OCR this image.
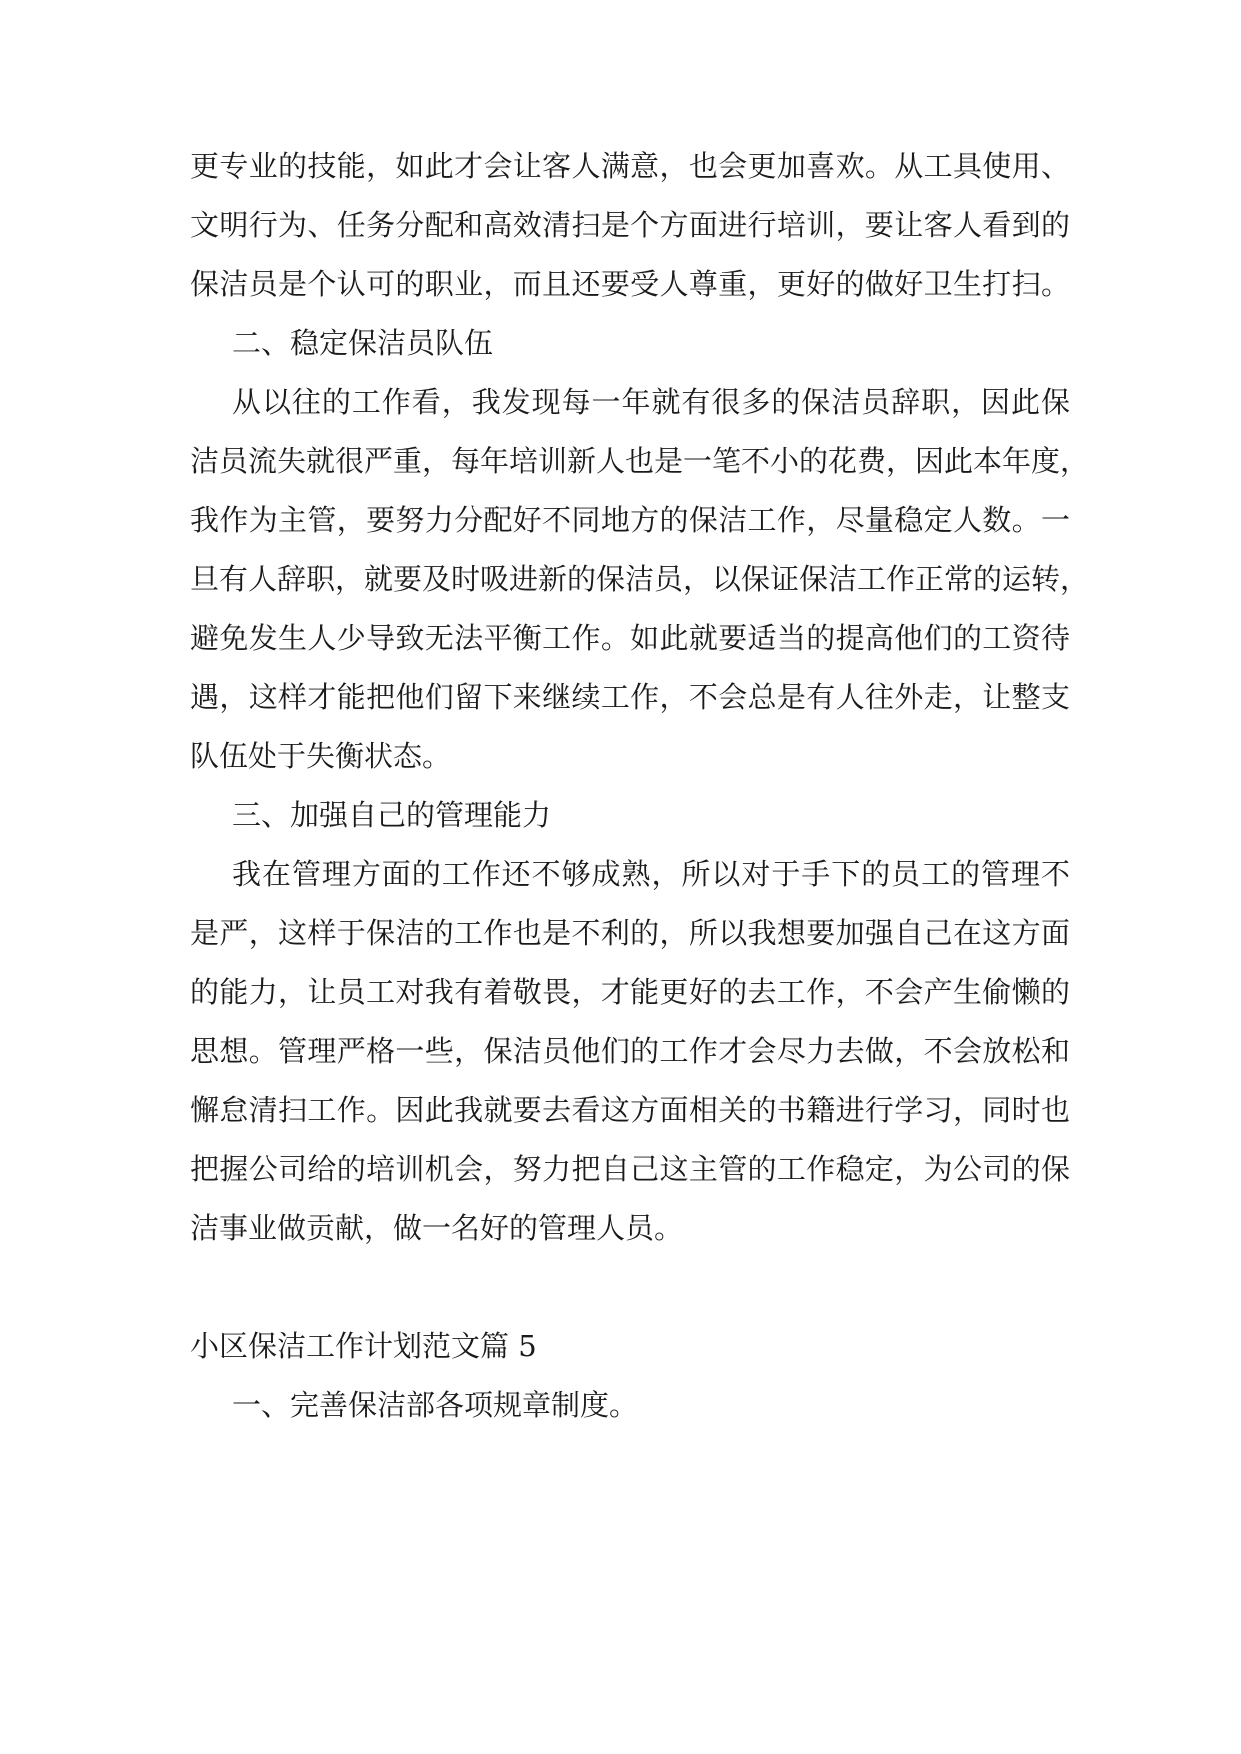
更专业的技能，如此才会让客人满意，也会更加喜欢。从工具使用、
文明行为、任务分配和高效清扫是个方面进行培训，要让客人看到的
保洁员是个认可的职业，而且还要受人尊重，更好的做好卫生打扫。
二、稳定保洁员队伍
从以往的工作看，我发现每一年就有很多的保洁员辞职，因此保
洁员流失就很严重，每年培训新人也是一笔不小的花费，因此本年度，
我作为主管，要努力分配好不同地方的保洁工作，尽量稳定人数。一
旦有人辞职，就要及时吸进新的保洁员，以保证保洁工作正常的运转，
避免发生人少导致无法平衡工作。如此就要适当的提高他们的工资待
遇，这样才能把他们留下来继续工作，不会总是有人往外走，让整支
队伍处于失衡状态。
三、加强自己的管理能力
我在管理方面的工作还不够成熟，所以对于手下的员工的管理不
是严，这样于保洁的工作也是不利的，所以我想要加强自己在这方面
的能力，让员工对我有着敬畏，才能更好的去工作，不会产生偷懒的
思想。管理严格一些，保洁员他们的工作才会尽力去做，不会放松和
懈怠清扫工作。因此我就要去看这方面相关的书籍进行学习，同时也
把握公司给的培训机会，努力把自己这主管的工作稳定，为公司的保
洁事业做贡献，做一名好的管理人员。
小区保洁工作计划范文篇 5
一、完善保洁部各项规章制度。
